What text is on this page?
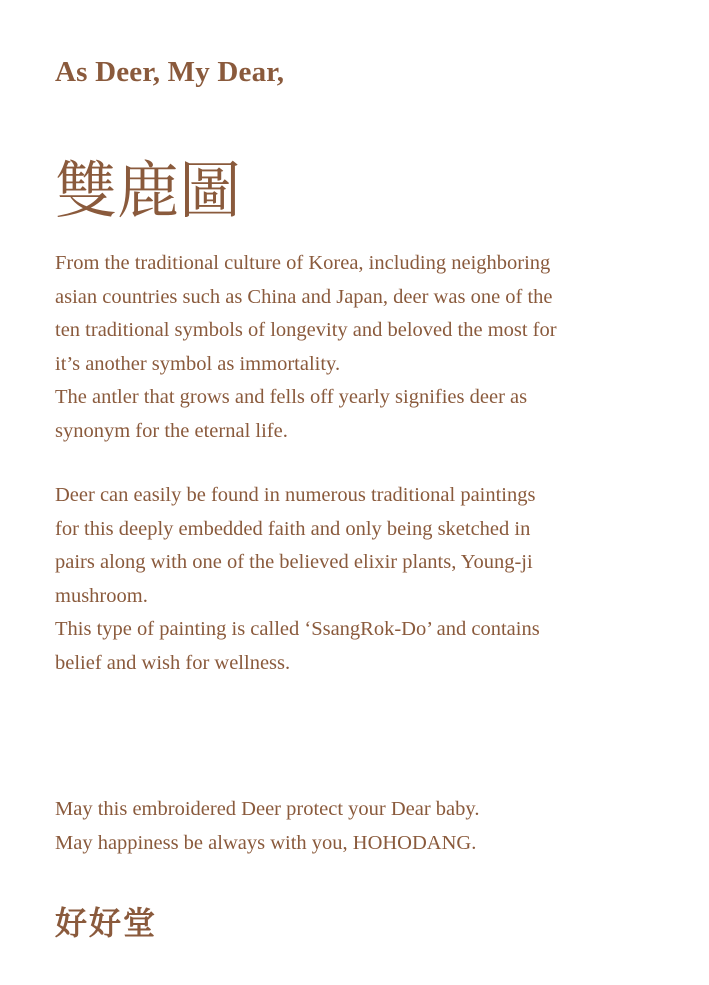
As Deer, My Dear,
雙鹿圖
From the traditional culture of Korea, including neighboring
asian countries such as China and Japan, deer was one of the
ten traditional symbols of longevity and beloved the most for
it’s another symbol as immortality.
The antler that grows and fells off yearly signifies deer as
synonym for the eternal life.
Deer can easily be found in numerous traditional paintings
for this deeply embedded faith and only being sketched in
pairs along with one of the believed elixir plants, Young-ji
mushroom.
This type of painting is called ‘SsangRok-Do’ and contains
belief and wish for wellness.
May this embroidered Deer protect your Dear baby.
May happiness be always with you, HOHODANG.
好好堂
